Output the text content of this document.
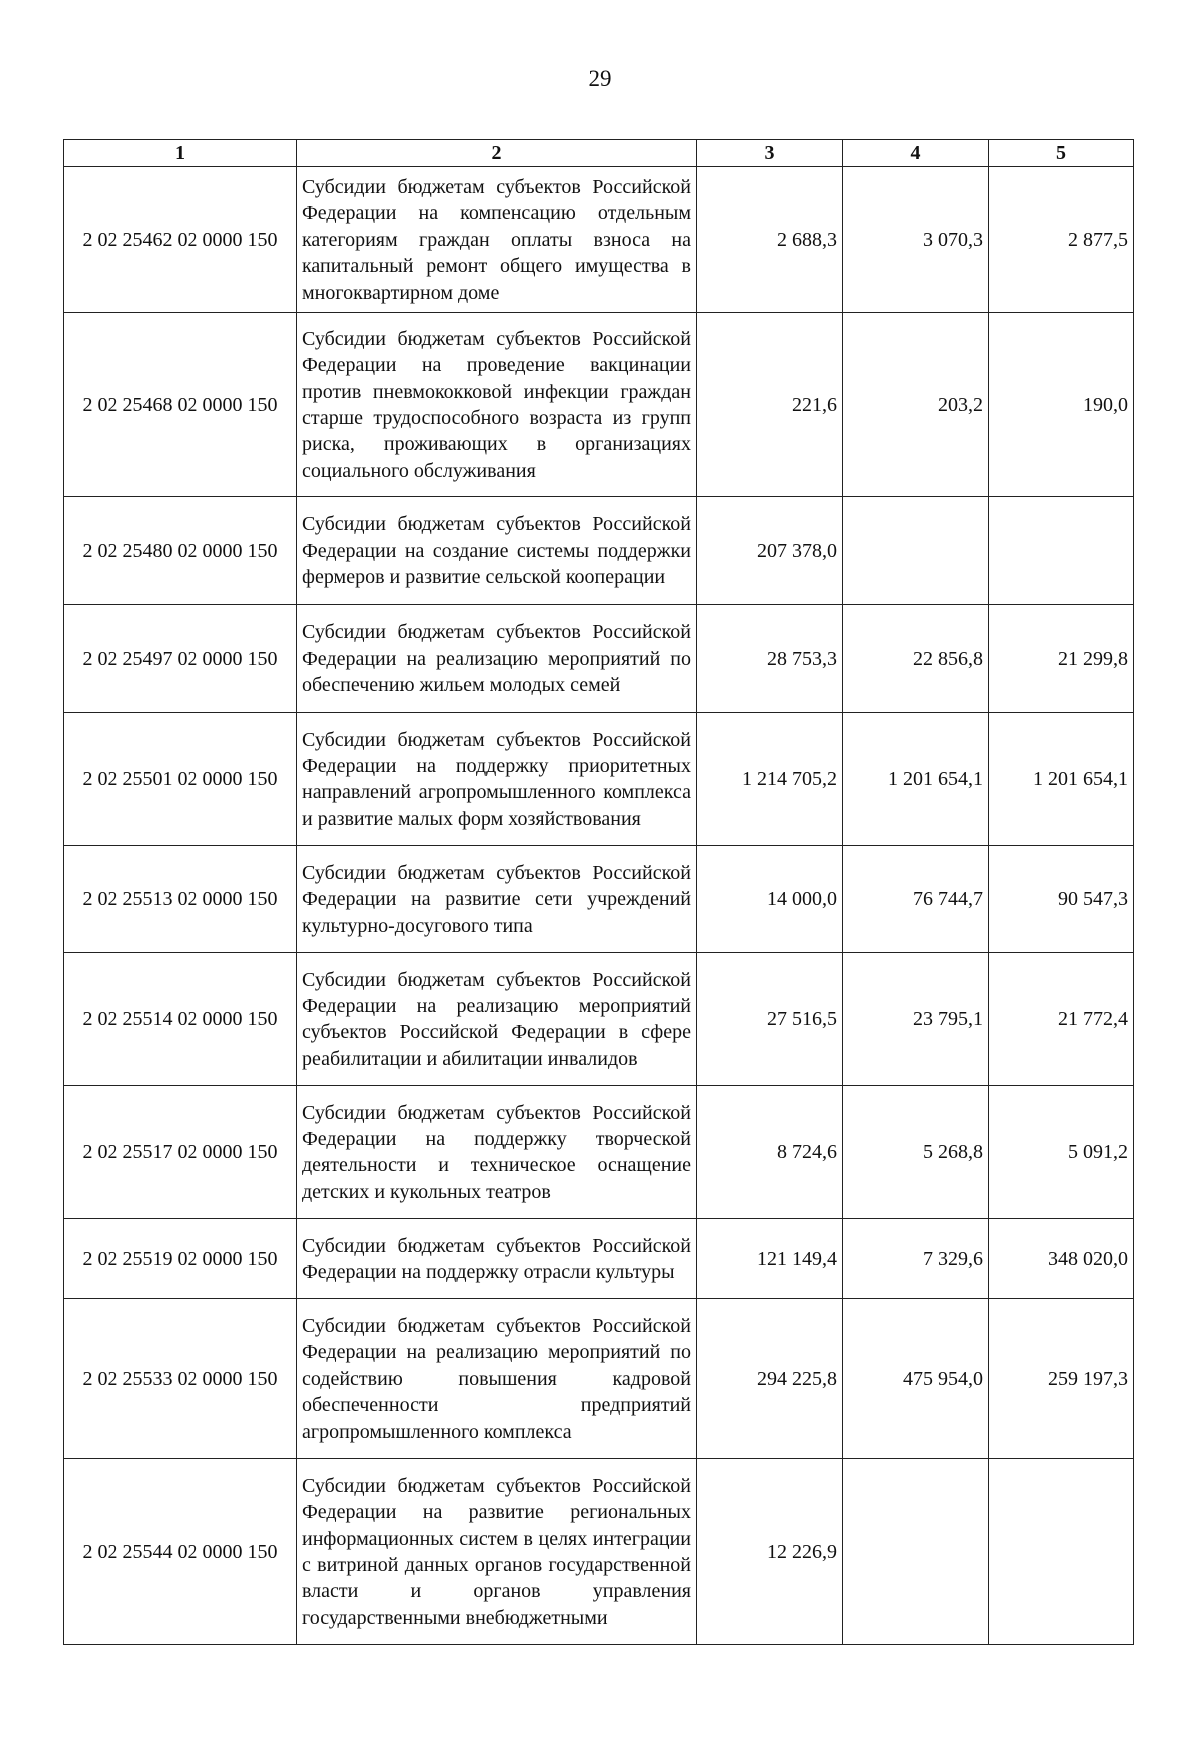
29
1	2	3	4	5
2 02 25462 02 0000 150	Субсидии бюджетам субъектов Российской Федерации на компенсацию отдельным категориям граждан оплаты взноса на капитальный ремонт общего имущества в многоквартирном доме	2 688,3	3 070,3	2 877,5
2 02 25468 02 0000 150	Субсидии бюджетам субъектов Российской Федерации на проведение вакцинации против пневмококковой инфекции граждан старше трудоспособного возраста из групп риска, проживающих в организациях социального обслуживания	221,6	203,2	190,0
2 02 25480 02 0000 150	Субсидии бюджетам субъектов Российской Федерации на создание системы поддержки фермеров и развитие сельской кооперации	207 378,0		
2 02 25497 02 0000 150	Субсидии бюджетам субъектов Российской Федерации на реализацию мероприятий по обеспечению жильем молодых семей	28 753,3	22 856,8	21 299,8
2 02 25501 02 0000 150	Субсидии бюджетам субъектов Российской Федерации на поддержку приоритетных направлений агропромышленного комплекса и развитие малых форм хозяйствования	1 214 705,2	1 201 654,1	1 201 654,1
2 02 25513 02 0000 150	Субсидии бюджетам субъектов Российской Федерации на развитие сети учреждений культурно-досугового типа	14 000,0	76 744,7	90 547,3
2 02 25514 02 0000 150	Субсидии бюджетам субъектов Российской Федерации на реализацию мероприятий субъектов Российской Федерации в сфере реабилитации и абилитации инвалидов	27 516,5	23 795,1	21 772,4
2 02 25517 02 0000 150	Субсидии бюджетам субъектов Российской Федерации на поддержку творческой деятельности и техническое оснащение детских и кукольных театров	8 724,6	5 268,8	5 091,2
2 02 25519 02 0000 150	Субсидии бюджетам субъектов Российской Федерации на поддержку отрасли культуры	121 149,4	7 329,6	348 020,0
2 02 25533 02 0000 150	Субсидии бюджетам субъектов Российской Федерации на реализацию мероприятий по содействию повышения кадровой обеспеченности предприятий агропромышленного комплекса	294 225,8	475 954,0	259 197,3
2 02 25544 02 0000 150	Субсидии бюджетам субъектов Российской Федерации на развитие региональных информационных систем в целях интеграции с витриной данных органов государственной власти и органов управления государственными внебюджетными	12 226,9		
